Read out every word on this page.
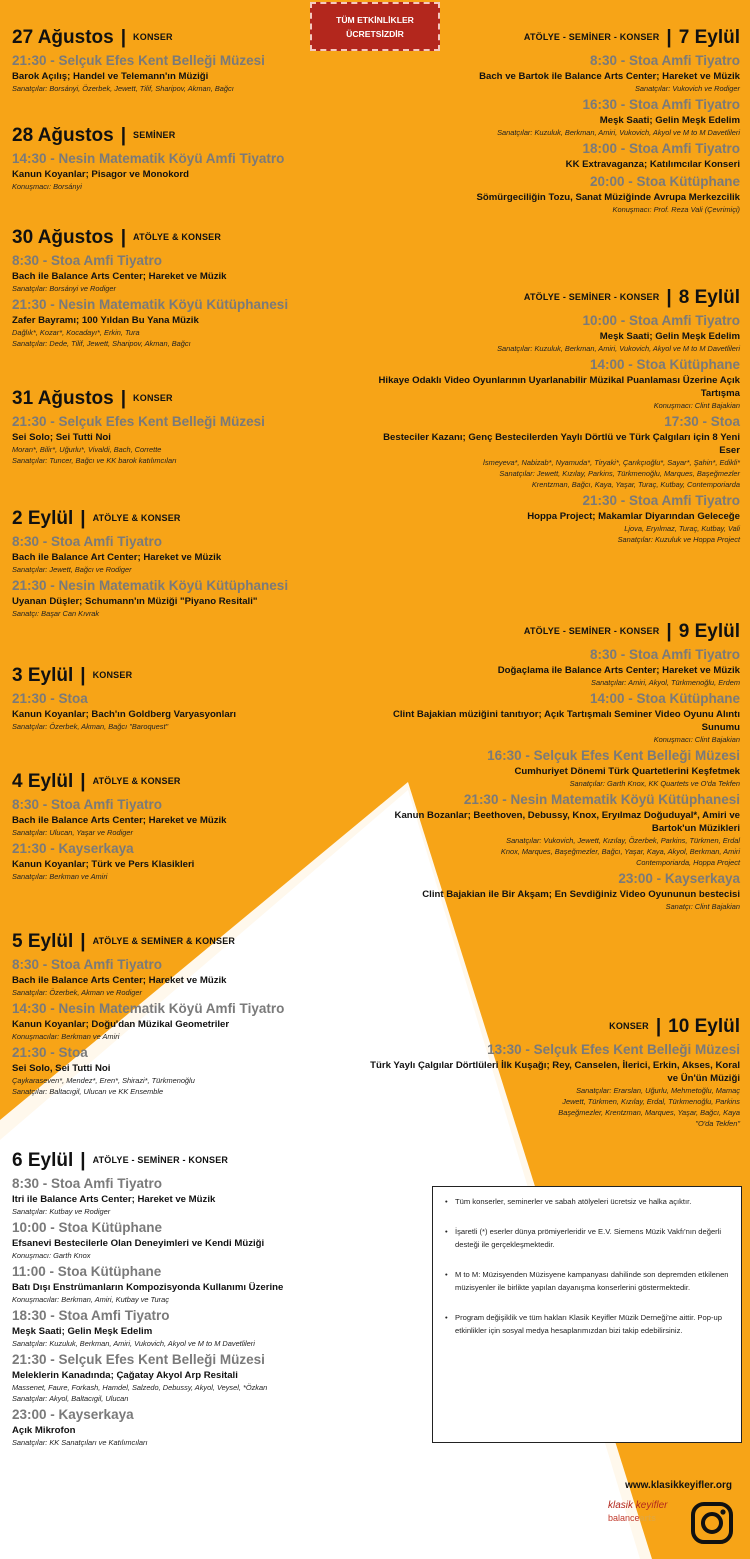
TÜM ETKİNLİKLER
ÜCRETSİZDİR
27 Ağustos | KONSER
21:30 - Selçuk Efes Kent Belleği Müzesi
Barok Açılış; Handel ve Telemann'ın Müziği
Sanatçılar: Borsányi, Özerbek, Jewett, Tilif, Sharipov, Akman, Bağcı
28 Ağustos | SEMİNER
14:30 - Nesin Matematik Köyü Amfi Tiyatro
Kanun Koyanlar; Pisagor ve Monokord
Konuşmacı: Borsányi
30 Ağustos | ATÖLYE & KONSER
8:30 - Stoa Amfi Tiyatro
Bach ile Balance Arts Center; Hareket ve Müzik
Sanatçılar: Borsányi ve Rodiger
21:30 - Nesin Matematik Köyü Kütüphanesi
Zafer Bayramı; 100 Yıldan Bu Yana Müzik
Dağlık*, Kozar*, Kocadayı*, Erkin, Tura
Sanatçılar: Dede, Tilif, Jewett, Sharipov, Akman, Bağcı
31 Ağustos | KONSER
21:30 - Selçuk Efes Kent Belleği Müzesi
Sei Solo; Sei Tutti Noi
Moran*, Bilir*, Uğurlu*, Vivaldi, Bach, Corrette
Sanatçılar: Tuncer, Bağcı ve KK barok katılımcıları
2 Eylül | ATÖLYE & KONSER
8:30 - Stoa Amfi Tiyatro
Bach ile Balance Art Center; Hareket ve Müzik
Sanatçılar: Jewett, Bağcı ve Rodiger
21:30 - Nesin Matematik Köyü Kütüphanesi
Uyanan Düşler; Schumann'ın Müziği "Piyano Resitali"
Sanatçı: Başar Can Kıvrak
3 Eylül | KONSER
21:30 - Stoa
Kanun Koyanlar; Bach'ın Goldberg Varyasyonları
Sanatçılar: Özerbek, Akman, Bağcı "Baroquest"
4 Eylül | ATÖLYE & KONSER
8:30 - Stoa Amfi Tiyatro
Bach ile Balance Arts Center; Hareket ve Müzik
Sanatçılar: Ulucan, Yaşar ve Rodiger
21:30 - Kayserkaya
Kanun Koyanlar; Türk ve Pers Klasikleri
Sanatçılar: Berkman ve Amiri
5 Eylül | ATÖLYE & SEMİNER & KONSER
8:30 - Stoa Amfi Tiyatro
Bach ile Balance Arts Center; Hareket ve Müzik
Sanatçılar: Özerbek, Akman ve Rodiger
14:30 - Nesin Matematik Köyü Amfi Tiyatro
Kanun Koyanlar; Doğu'dan Müzikal Geometriler
Konuşmacılar: Berkman ve Amiri
21:30 - Stoa
Sei Solo, Sei Tutti Noi
Çaykaraseven*, Mendez*, Eren*, Shirazi*, Türkmenoğlu
Sanatçılar: Baltacıgil, Ulucan ve KK Ensemble
6 Eylül | ATÖLYE - SEMİNER - KONSER
8:30 - Stoa Amfi Tiyatro
Itri ile Balance Arts Center; Hareket ve Müzik
Sanatçılar: Kutbay ve Rodiger
10:00 - Stoa Kütüphane
Efsanevi Bestecilerle Olan Deneyimleri ve Kendi Müziği
Konuşmacı: Garth Knox
11:00 - Stoa Kütüphane
Batı Dışı Enstrümanların Kompozisyonda Kullanımı Üzerine
Konuşmacılar: Berkman, Amiri, Kutbay ve Turaç
18:30 - Stoa Amfi Tiyatro
Meşk Saati; Gelin Meşk Edelim
Sanatçılar: Kuzuluk, Berkman, Amiri, Vukovich, Akyol ve M to M Davetlileri
21:30 - Selçuk Efes Kent Belleği Müzesi
Meleklerin Kanadında; Çağatay Akyol Arp Resitali
Massenet, Faure, Forkash, Hamdel, Salzedo, Debussy, Akyol, Veysel, *Özkan
Sanatçılar: Akyol, Baltacıgil, Ulucan
23:00 - Kayserkaya
Açık Mikrofon
Sanatçılar: KK Sanatçıları ve Katılımcıları
ATÖLYE - SEMİNER - KONSER | 7 Eylül
8:30 - Stoa Amfi Tiyatro
Bach ve Bartok ile Balance Arts Center; Hareket ve Müzik
Sanatçılar: Vukovich ve Rodiger
16:30 - Stoa Amfi Tiyatro
Meşk Saati; Gelin Meşk Edelim
Sanatçılar: Kuzuluk, Berkman, Amiri, Vukovich, Akyol ve M to M Davetlileri
18:00 - Stoa Amfi Tiyatro
KK Extravaganza; Katılımcılar Konseri
20:00 - Stoa Kütüphane
Sömürgeciliğin Tozu, Sanat Müziğinde Avrupa Merkezcilik
Konuşmacı: Prof. Reza Vali (Çevrimiçi)
ATÖLYE - SEMİNER - KONSER | 8 Eylül
10:00 - Stoa Amfi Tiyatro
Meşk Saati; Gelin Meşk Edelim
Sanatçılar: Kuzuluk, Berkman, Amiri, Vukovich, Akyol ve M to M Davetlileri
14:00 - Stoa Kütüphane
Hikaye Odaklı Video Oyunlarının Uyarlanabilir Müzikal Puanlaması Üzerine Açık Tartışma
Konuşmacı: Clint Bajakian
17:30 - Stoa
Besteciler Kazanı; Genç Bestecilerden Yaylı Dörtlü ve Türk Çalgıları için 8 Yeni Eser
İsmeyeva*, Nabizab*, Nyamuda*, Tiryaki*, Çarıkçıoğlu*, Sayar*, Şahin*, Edikli*
Sanatçılar: Jewett, Kızılay, Parkins, Türkmenoğlu, Marques, Başeğmezler
Krentzman, Bağcı, Kaya, Yaşar, Turaç, Kutbay, Contemporiarda
21:30 - Stoa Amfi Tiyatro
Hoppa Project; Makamlar Diyarından Geleceğe
Ljova, Eryılmaz, Turaç, Kutbay, Vali
Sanatçılar: Kuzuluk ve Hoppa Project
ATÖLYE - SEMİNER - KONSER | 9 Eylül
8:30 - Stoa Amfi Tiyatro
Doğaçlama ile Balance Arts Center; Hareket ve Müzik
Sanatçılar: Amiri, Akyol, Türkmenoğlu, Erdem
14:00 - Stoa Kütüphane
Clint Bajakian müziğini tanıtıyor; Açık Tartışmalı Seminer Video Oyunu Alıntı Sunumu
Konuşmacı: Clint Bajakian
16:30 - Selçuk Efes Kent Belleği Müzesi
Cumhuriyet Dönemi Türk Quartetlerini Keşfetmek
Sanatçılar: Garth Knox, KK Quartets ve O'da Tekfen
21:30 - Nesin Matematik Köyü Kütüphanesi
Kanun Bozanlar; Beethoven, Debussy, Knox, Eryılmaz Doğuduyal*, Amiri ve Bartok'un Müzikleri
Sanatçılar: Vukovich, Jewett, Kızılay, Özerbek, Parkins, Türkmen, Erdal
Knox, Marques, Başeğmezler, Bağcı, Yaşar, Kaya, Akyol, Berkman, Amiri
Contemporiarda, Hoppa Project
23:00 - Kayserkaya
Clint Bajakian ile Bir Akşam; En Sevdiğiniz Video Oyununun bestecisi
Sanatçı: Clint Bajakian
KONSER | 10 Eylül
13:30 - Selçuk Efes Kent Belleği Müzesi
Türk Yaylı Çalgılar Dörtlüleri İlk Kuşağı; Rey, Canselen, İlerici, Erkin, Akses, Koral ve Ün'ün Müziği
Sanatçılar: Erarslan, Uğurlu, Mehmetoğlu, Mamaç
Jewett, Türkmen, Kızılay, Erdal, Türkmenoğlu, Parkins
Başeğmezler, Krentzman, Marques, Yaşar, Bağcı, Kaya
"O'da Tekfen"
• Tüm konserler, seminerler ve sabah atölyeleri ücretsiz ve halka açıktır.
• İşaretli (*) eserler dünya prömiyerleridir ve E.V. Siemens Müzik Vakfı'nın değerli desteği ile gerçekleşmektedir.
• M to M: Müzisyenden Müzisyene kampanyası dahilinde son depremden etkilenen müzisyenler ile birlikte yapılan dayanışma konserlerini göstermektedir.
• Program değişiklik ve tüm hakları Klasik Keyifler Müzik Derneği'ne aittir. Pop-up etkinlikler için sosyal medya hesaplarımızdan bizi takip edebilirsiniz.
www.klasikkeyifler.org
klasik keyifler
balancearts
